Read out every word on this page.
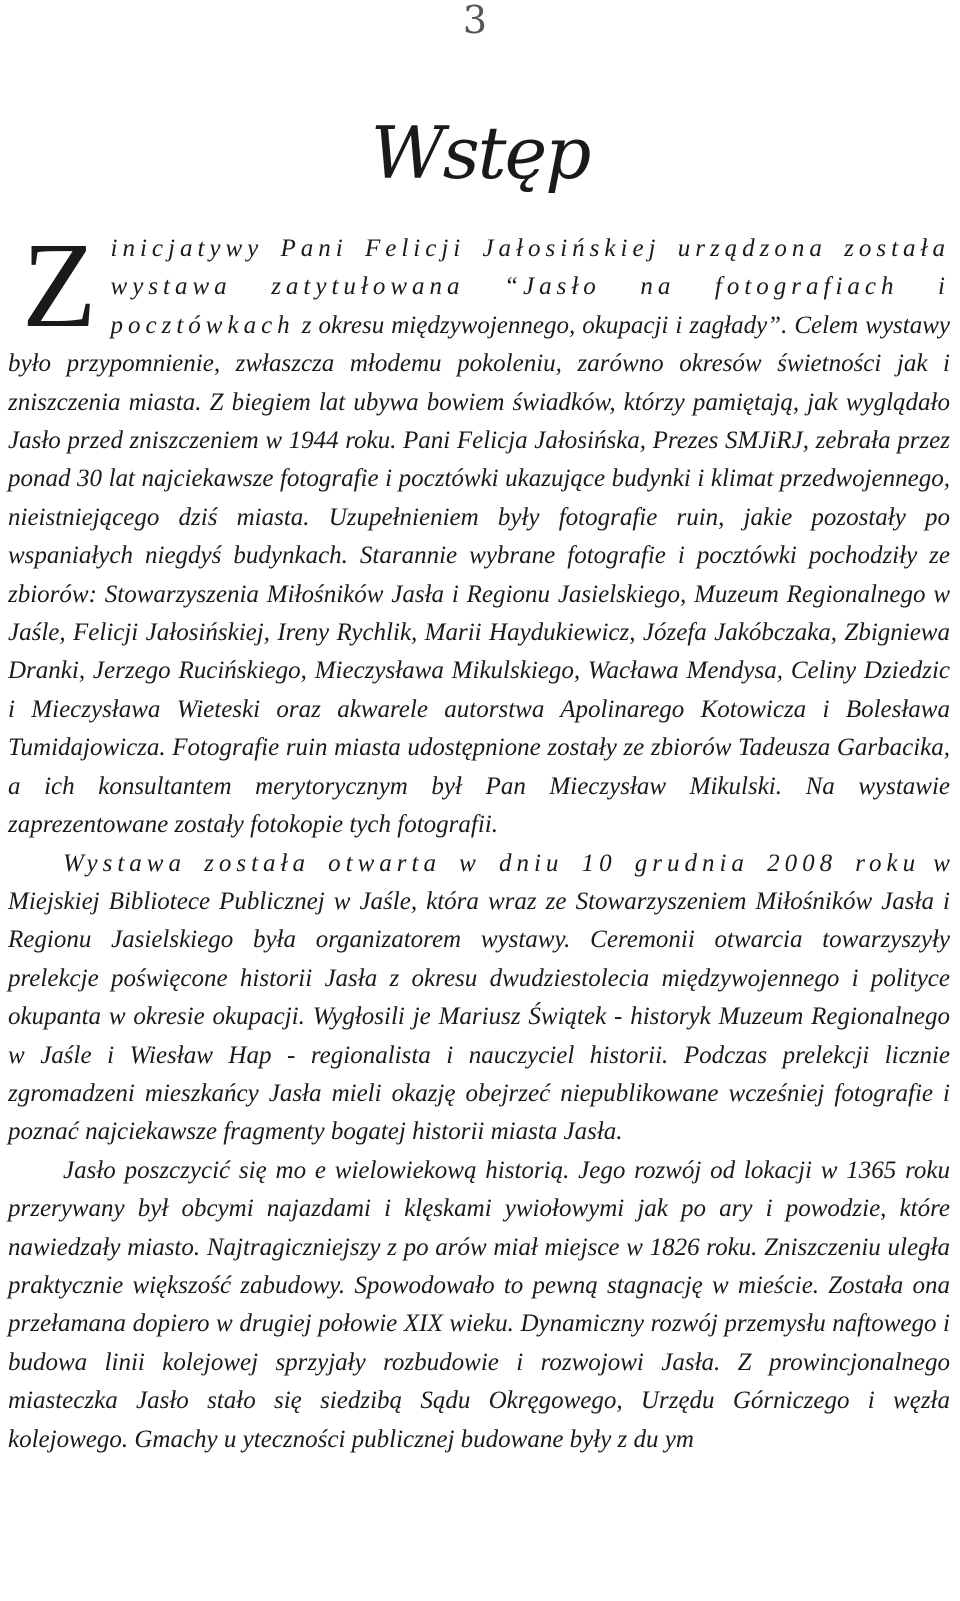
3
Wstęp

Zinicjatywy Pani Felicji Jałosińskiej urządzona została wystawa zatytułowana “Jasło na fotografiach i pocztówkach z okresu międzywojennego, okupacji i zagłady”. Celem wystawy było przypomnienie, zwłaszcza młodemu pokoleniu, zarówno okresów świetności jak i zniszczenia miasta. Z biegiem lat ubywa bowiem świadków, którzy pamiętają, jak wyglądało Jasło przed zniszczeniem w 1944 roku. Pani Felicja Jałosińska, Prezes SMJiRJ, zebrała przez ponad 30 lat najciekawsze fotografie i pocztówki ukazujące budynki i klimat przedwojennego, nieistniejącego dziś miasta. Uzupełnieniem były fotografie ruin, jakie pozostały po wspaniałych niegdyś budynkach. Starannie wybrane fotografie i pocztówki pochodziły ze zbiorów: Stowarzyszenia Miłośników Jasła i Regionu Jasielskiego, Muzeum Regionalnego w Jaśle, Felicji Jałosińskiej, Ireny Rychlik, Marii Haydukiewicz, Józefa Jakóbczaka, Zbigniewa Dranki, Jerzego Rucińskiego, Mieczysława Mikulskiego, Wacława Mendysa, Celiny Dziedzic i Mieczysława Wieteski oraz akwarele autorstwa Apolinarego Kotowicza i Bolesława Tumidajowicza. Fotografie ruin miasta udostępnione zostały ze zbiorów Tadeusza Garbacika, a ich konsultantem merytorycznym był Pan Mieczysław Mikulski. Na wystawie zaprezentowane zostały fotokopie tych fotografii.

Wystawa została otwarta w dniu 10 grudnia 2008 roku w Miejskiej Bibliotece Publicznej w Jaśle, która wraz ze Stowarzyszeniem Miłośników Jasła i Regionu Jasielskiego była organizatorem wystawy. Ceremonii otwarcia towarzyszyły prelekcje poświęcone historii Jasła z okresu dwudziestolecia międzywojennego i polityce okupanta w okresie okupacji. Wygłosili je Mariusz Świątek - historyk Muzeum Regionalnego w Jaśle i Wiesław Hap - regionalista i nauczyciel historii. Podczas prelekcji licznie zgromadzeni mieszkańcy Jasła mieli okazję obejrzeć niepublikowane wcześniej fotografie i poznać najciekawsze fragmenty bogatej historii miasta Jasła.

Jasło poszczycić się mo e wielowiekową historią. Jego rozwój od lokacji w 1365 roku przerywany był obcymi najazdami i klęskami ywiołowymi jak po ary i powodzie, które nawiedzały miasto. Najtragiczniejszy z po arów miał miejsce w 1826 roku. Zniszczeniu uległa praktycznie większość zabudowy. Spowodowało to pewną stagnację w mieście. Została ona przełamana dopiero w drugiej połowie XIX wieku. Dynamiczny rozwój przemysłu naftowego i budowa linii kolejowej sprzyjały rozbudowie i rozwojowi Jasła. Z prowincjonalnego miasteczka Jasło stało się siedzibą Sądu Okręgowego, Urzędu Górniczego i węzła kolejowego. Gmachy u yteczności publicznej budowane były z du ym
